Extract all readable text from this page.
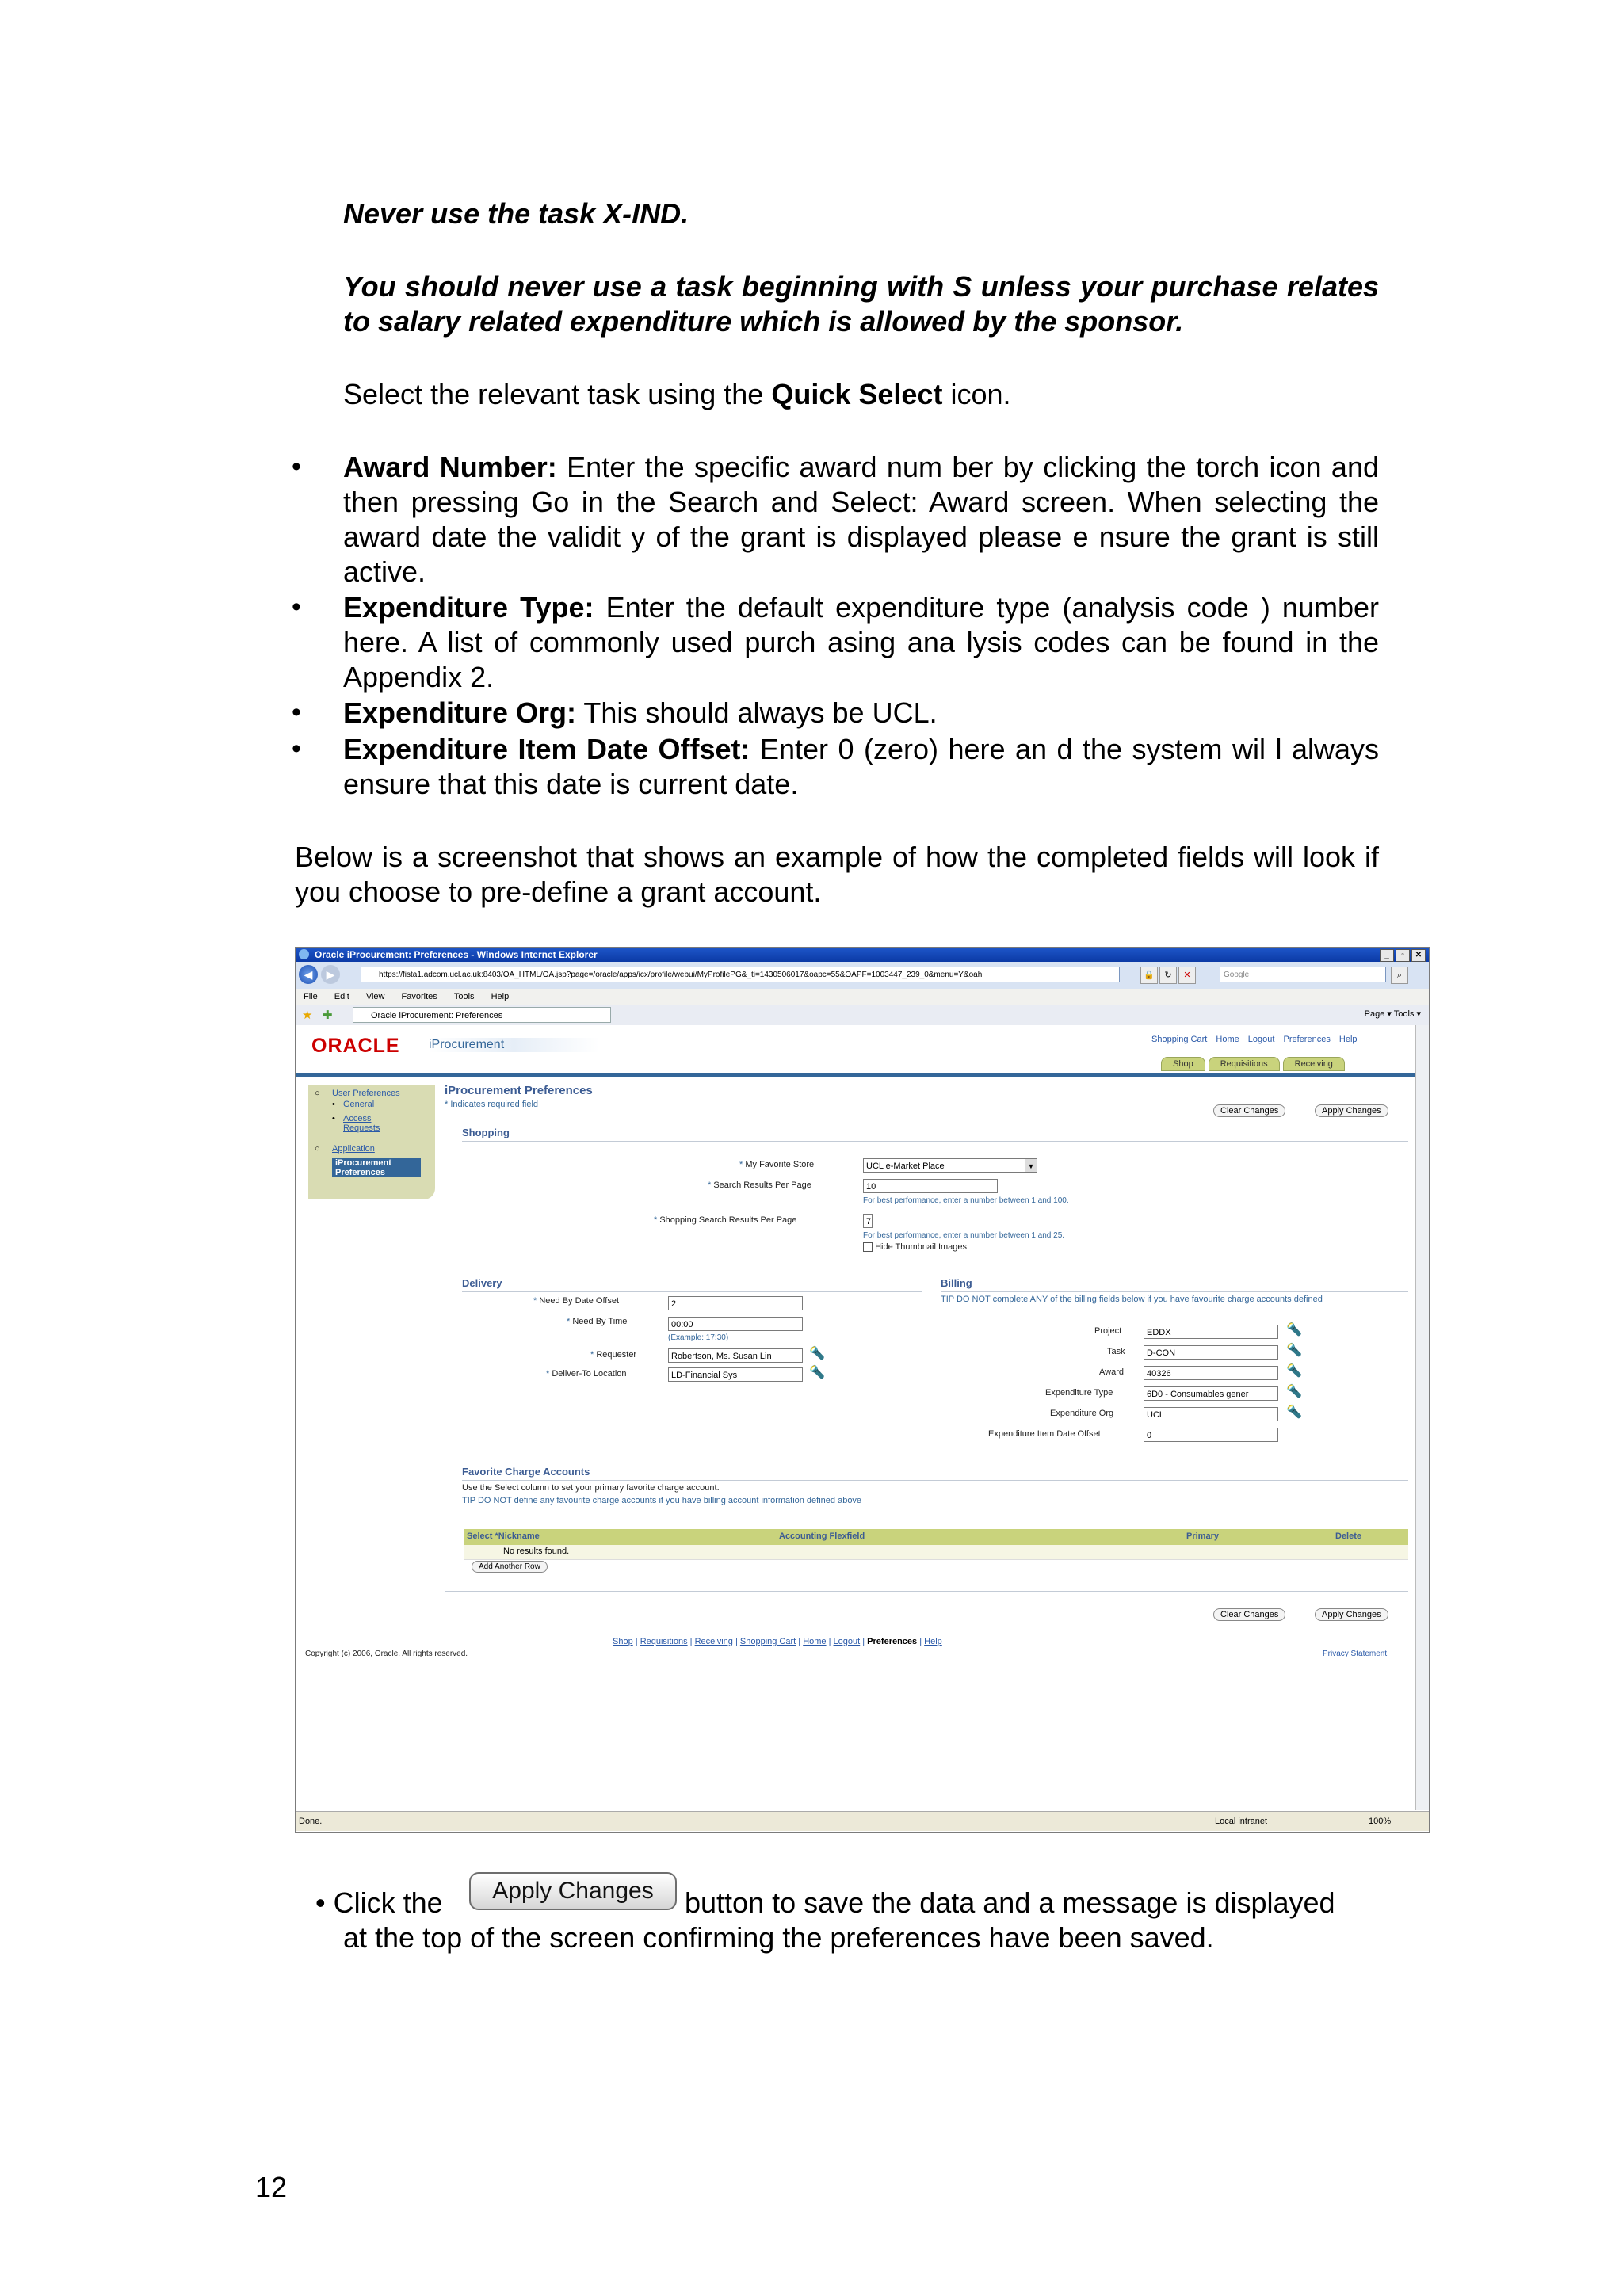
Never use the task X-IND.

You should never use a task beginning with S unless your purchase relates to salary related expenditure which is allowed by the sponsor.

Select the relevant task using the Quick Select icon.

• Award Number: Enter the specific award num ber by clicking the torch icon and then pressing Go in the Search and Select: Award screen. When selecting the award date the validit y of the grant is displayed please e nsure the grant is still active.

• Expenditure Type: Enter the default expenditure type (analysis code ) number here. A list of commonly used purch asing ana lysis codes can be found in the Appendix 2.

• Expenditure Org: This should always be UCL.

• Expenditure Item Date Offset: Enter 0 (zero) here an d the system wil l always ensure that this date is current date.

Below is a screenshot that shows an example of how the completed fields will look if you choose to pre-define a grant account.

Oracle iProcurement: Preferences - Windows Internet Explorer	_	▫	✕
◀	▶	https://fista1.adcom.ucl.ac.uk:8403/OA_HTML/OA.jsp?page=/oracle/apps/icx/profile/webui/MyProfilePG&_ti=1430506017&oapc=55&OAPF=1003447_239_0&menu=Y&oah	🔒	↻	✕	Google	⌕
File Edit View Favorites Tools Help
★ ✚	Oracle iProcurement: Preferences	Page ▾ Tools ▾
ORACLE iProcurement	Shopping Cart Home Logout Preferences Help
Shop	Requisitions	Receiving
○ User Preferences
• General
• Access Requests
○ Application
iProcurement Preferences
iProcurement Preferences
* Indicates required field
Clear Changes	Apply Changes
Shopping
* My Favorite Store	UCL e-Market Place	▼
* Search Results Per Page	10
For best performance, enter a number between 1 and 100.
* Shopping Search Results Per Page	7
For best performance, enter a number between 1 and 25.
Hide Thumbnail Images
Delivery
* Need By Date Offset	2
* Need By Time	00:00
(Example: 17:30)
* Requester	Robertson, Ms. Susan Lin	🔦
* Deliver-To Location	LD-Financial Sys	🔦
Billing
TIP DO NOT complete ANY of the billing fields below if you have favourite charge accounts defined
Project	EDDX	🔦
Task	D-CON	🔦
Award	40326	🔦
Expenditure Type	6D0 - Consumables gener	🔦
Expenditure Org	UCL	🔦
Expenditure Item Date Offset	0
Favorite Charge Accounts
Use the Select column to set your primary favorite charge account.
TIP DO NOT define any favourite charge accounts if you have billing account information defined above
Select *Nickname	Accounting Flexfield	Primary	Delete
No results found.
Add Another Row
Clear Changes	Apply Changes
Shop | Requisitions | Receiving | Shopping Cart | Home | Logout | Preferences | Help
Copyright (c) 2006, Oracle. All rights reserved.	Privacy Statement
Done.	Local intranet	100%

• Click the	Apply Changes	button to save the data and a message is displayed

at the top of the screen confirming the preferences have been saved.

12
